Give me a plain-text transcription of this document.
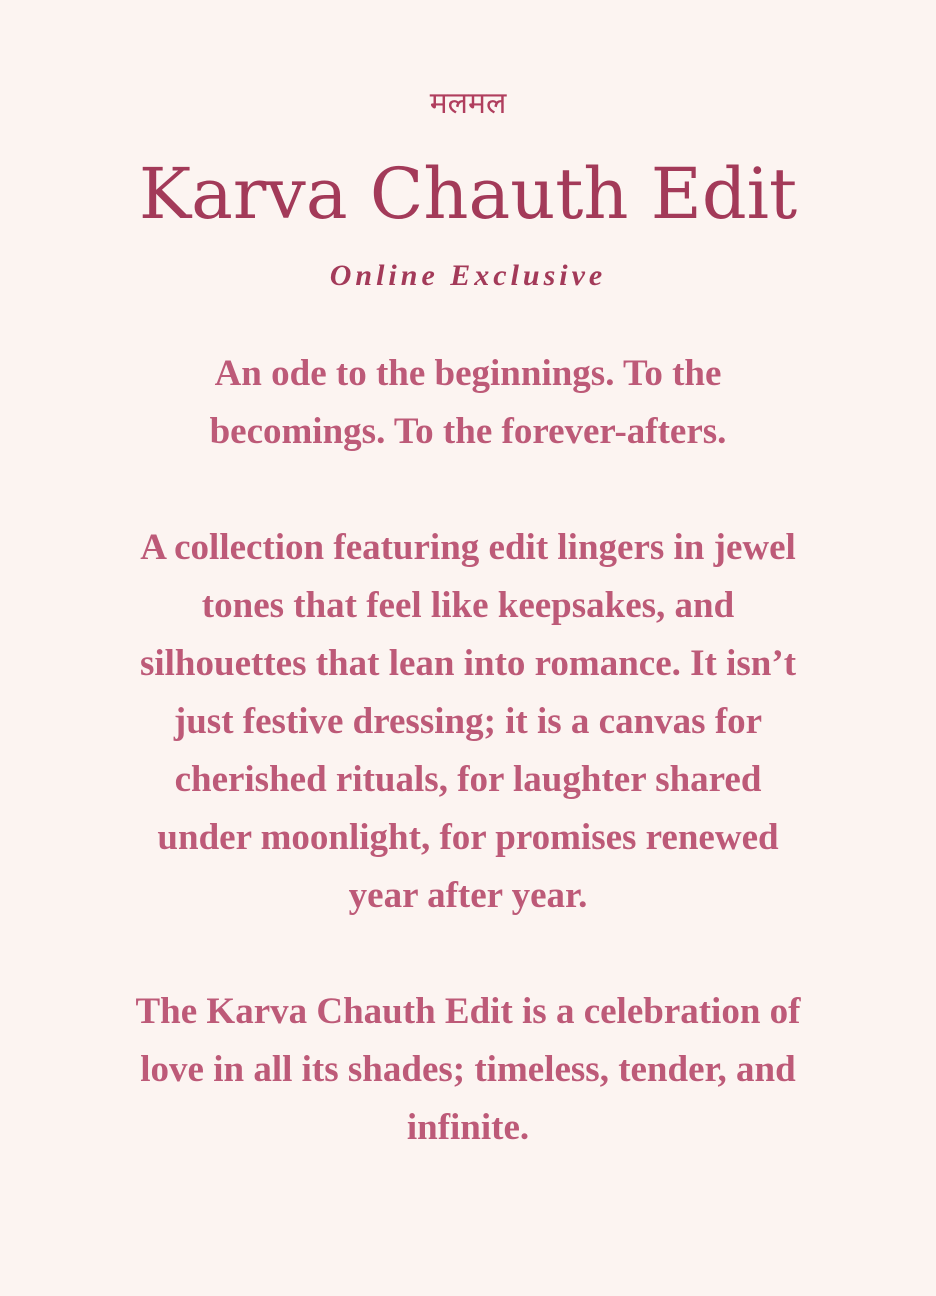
मलमल
Karva Chauth Edit
Online Exclusive

An ode to the beginnings. To the becomings. To the forever-afters.

A collection featuring edit lingers in jewel tones that feel like keepsakes, and silhouettes that lean into romance. It isn’t just festive dressing; it is a canvas for cherished rituals, for laughter shared under moonlight, for promises renewed year after year.

The Karva Chauth Edit is a celebration of love in all its shades; timeless, tender, and infinite.
